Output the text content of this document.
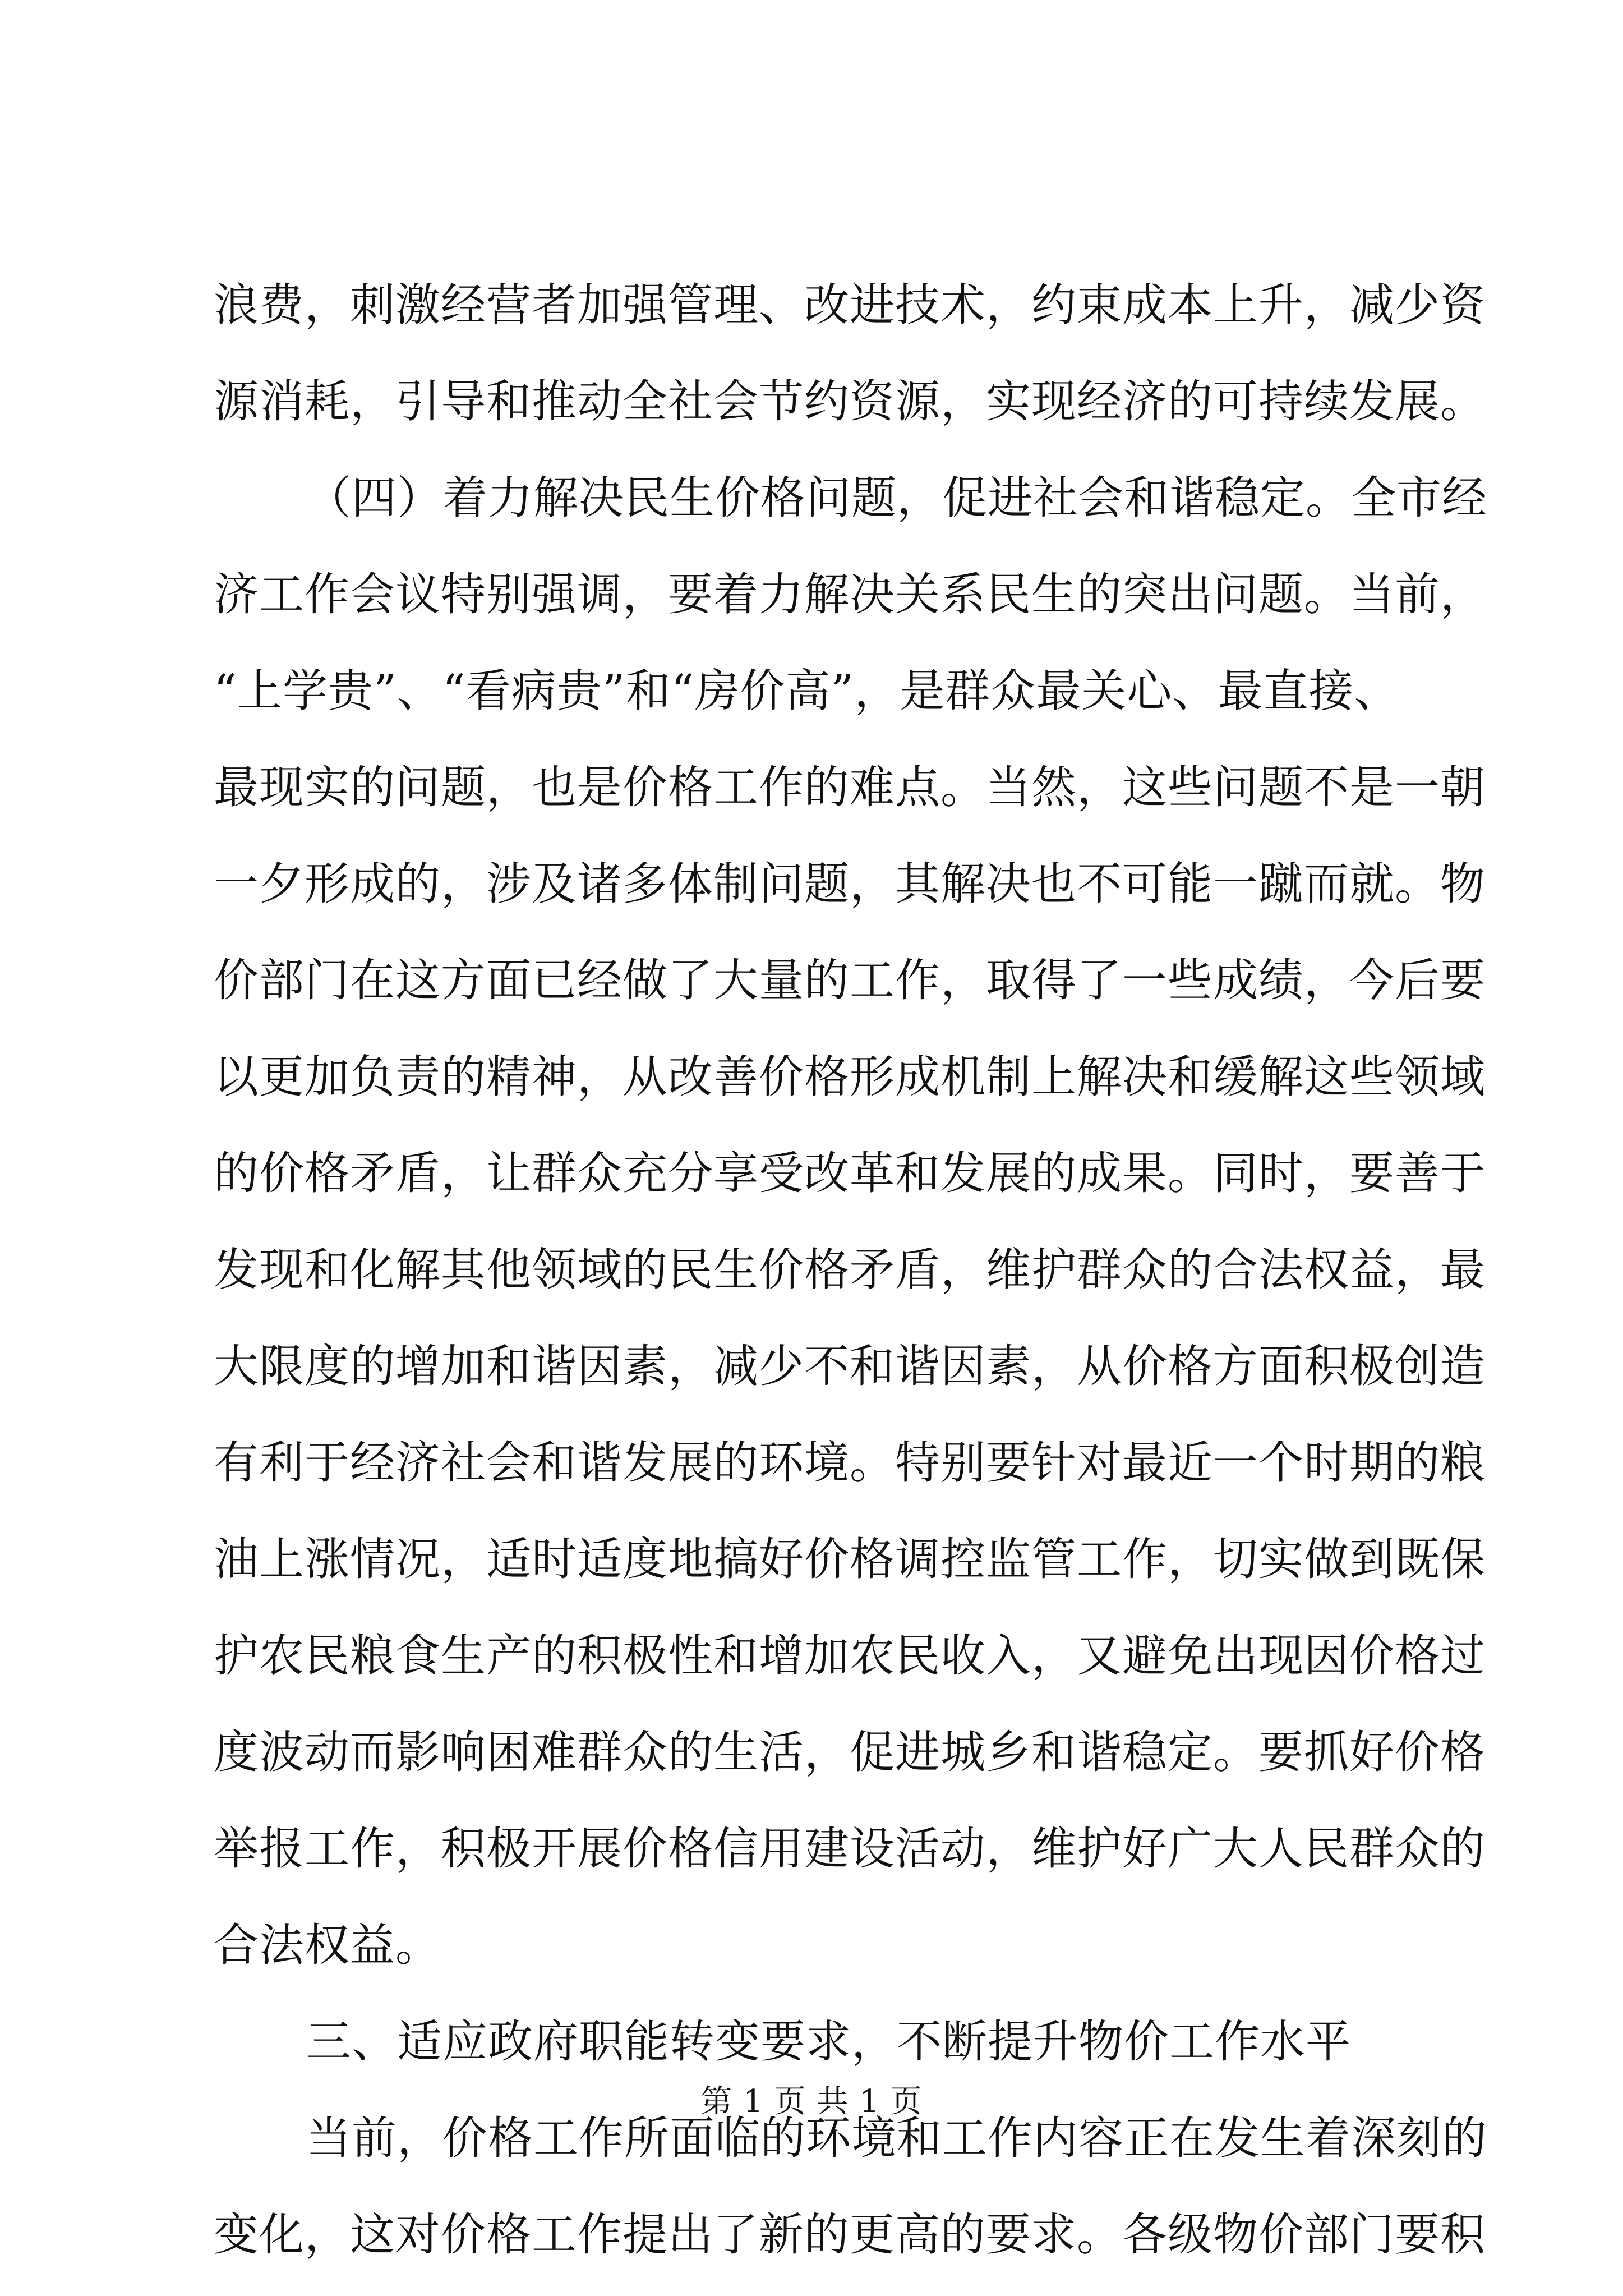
浪费，刺激经营者加强管理、改进技术，约束成本上升，减少资
源消耗，引导和推动全社会节约资源，实现经济的可持续发展。
（四）着力解决民生价格问题，促进社会和谐稳定。全市经
济工作会议特别强调，要着力解决关系民生的突出问题。当前，
“上学贵”、“看病贵”和“房价高”，是群众最关心、最直接、
最现实的问题，也是价格工作的难点。当然，这些问题不是一朝
一夕形成的，涉及诸多体制问题，其解决也不可能一蹴而就。物
价部门在这方面已经做了大量的工作，取得了一些成绩，今后要
以更加负责的精神，从改善价格形成机制上解决和缓解这些领域
的价格矛盾，让群众充分享受改革和发展的成果。同时，要善于
发现和化解其他领域的民生价格矛盾，维护群众的合法权益，最
大限度的增加和谐因素，减少不和谐因素，从价格方面积极创造
有利于经济社会和谐发展的环境。特别要针对最近一个时期的粮
油上涨情况，适时适度地搞好价格调控监管工作，切实做到既保
护农民粮食生产的积极性和增加农民收入，又避免出现因价格过
度波动而影响困难群众的生活，促进城乡和谐稳定。要抓好价格
举报工作，积极开展价格信用建设活动，维护好广大人民群众的
合法权益。
三、适应政府职能转变要求，不断提升物价工作水平
当前，价格工作所面临的环境和工作内容正在发生着深刻的
变化，这对价格工作提出了新的更高的要求。各级物价部门要积
第 1 页 共 1 页
